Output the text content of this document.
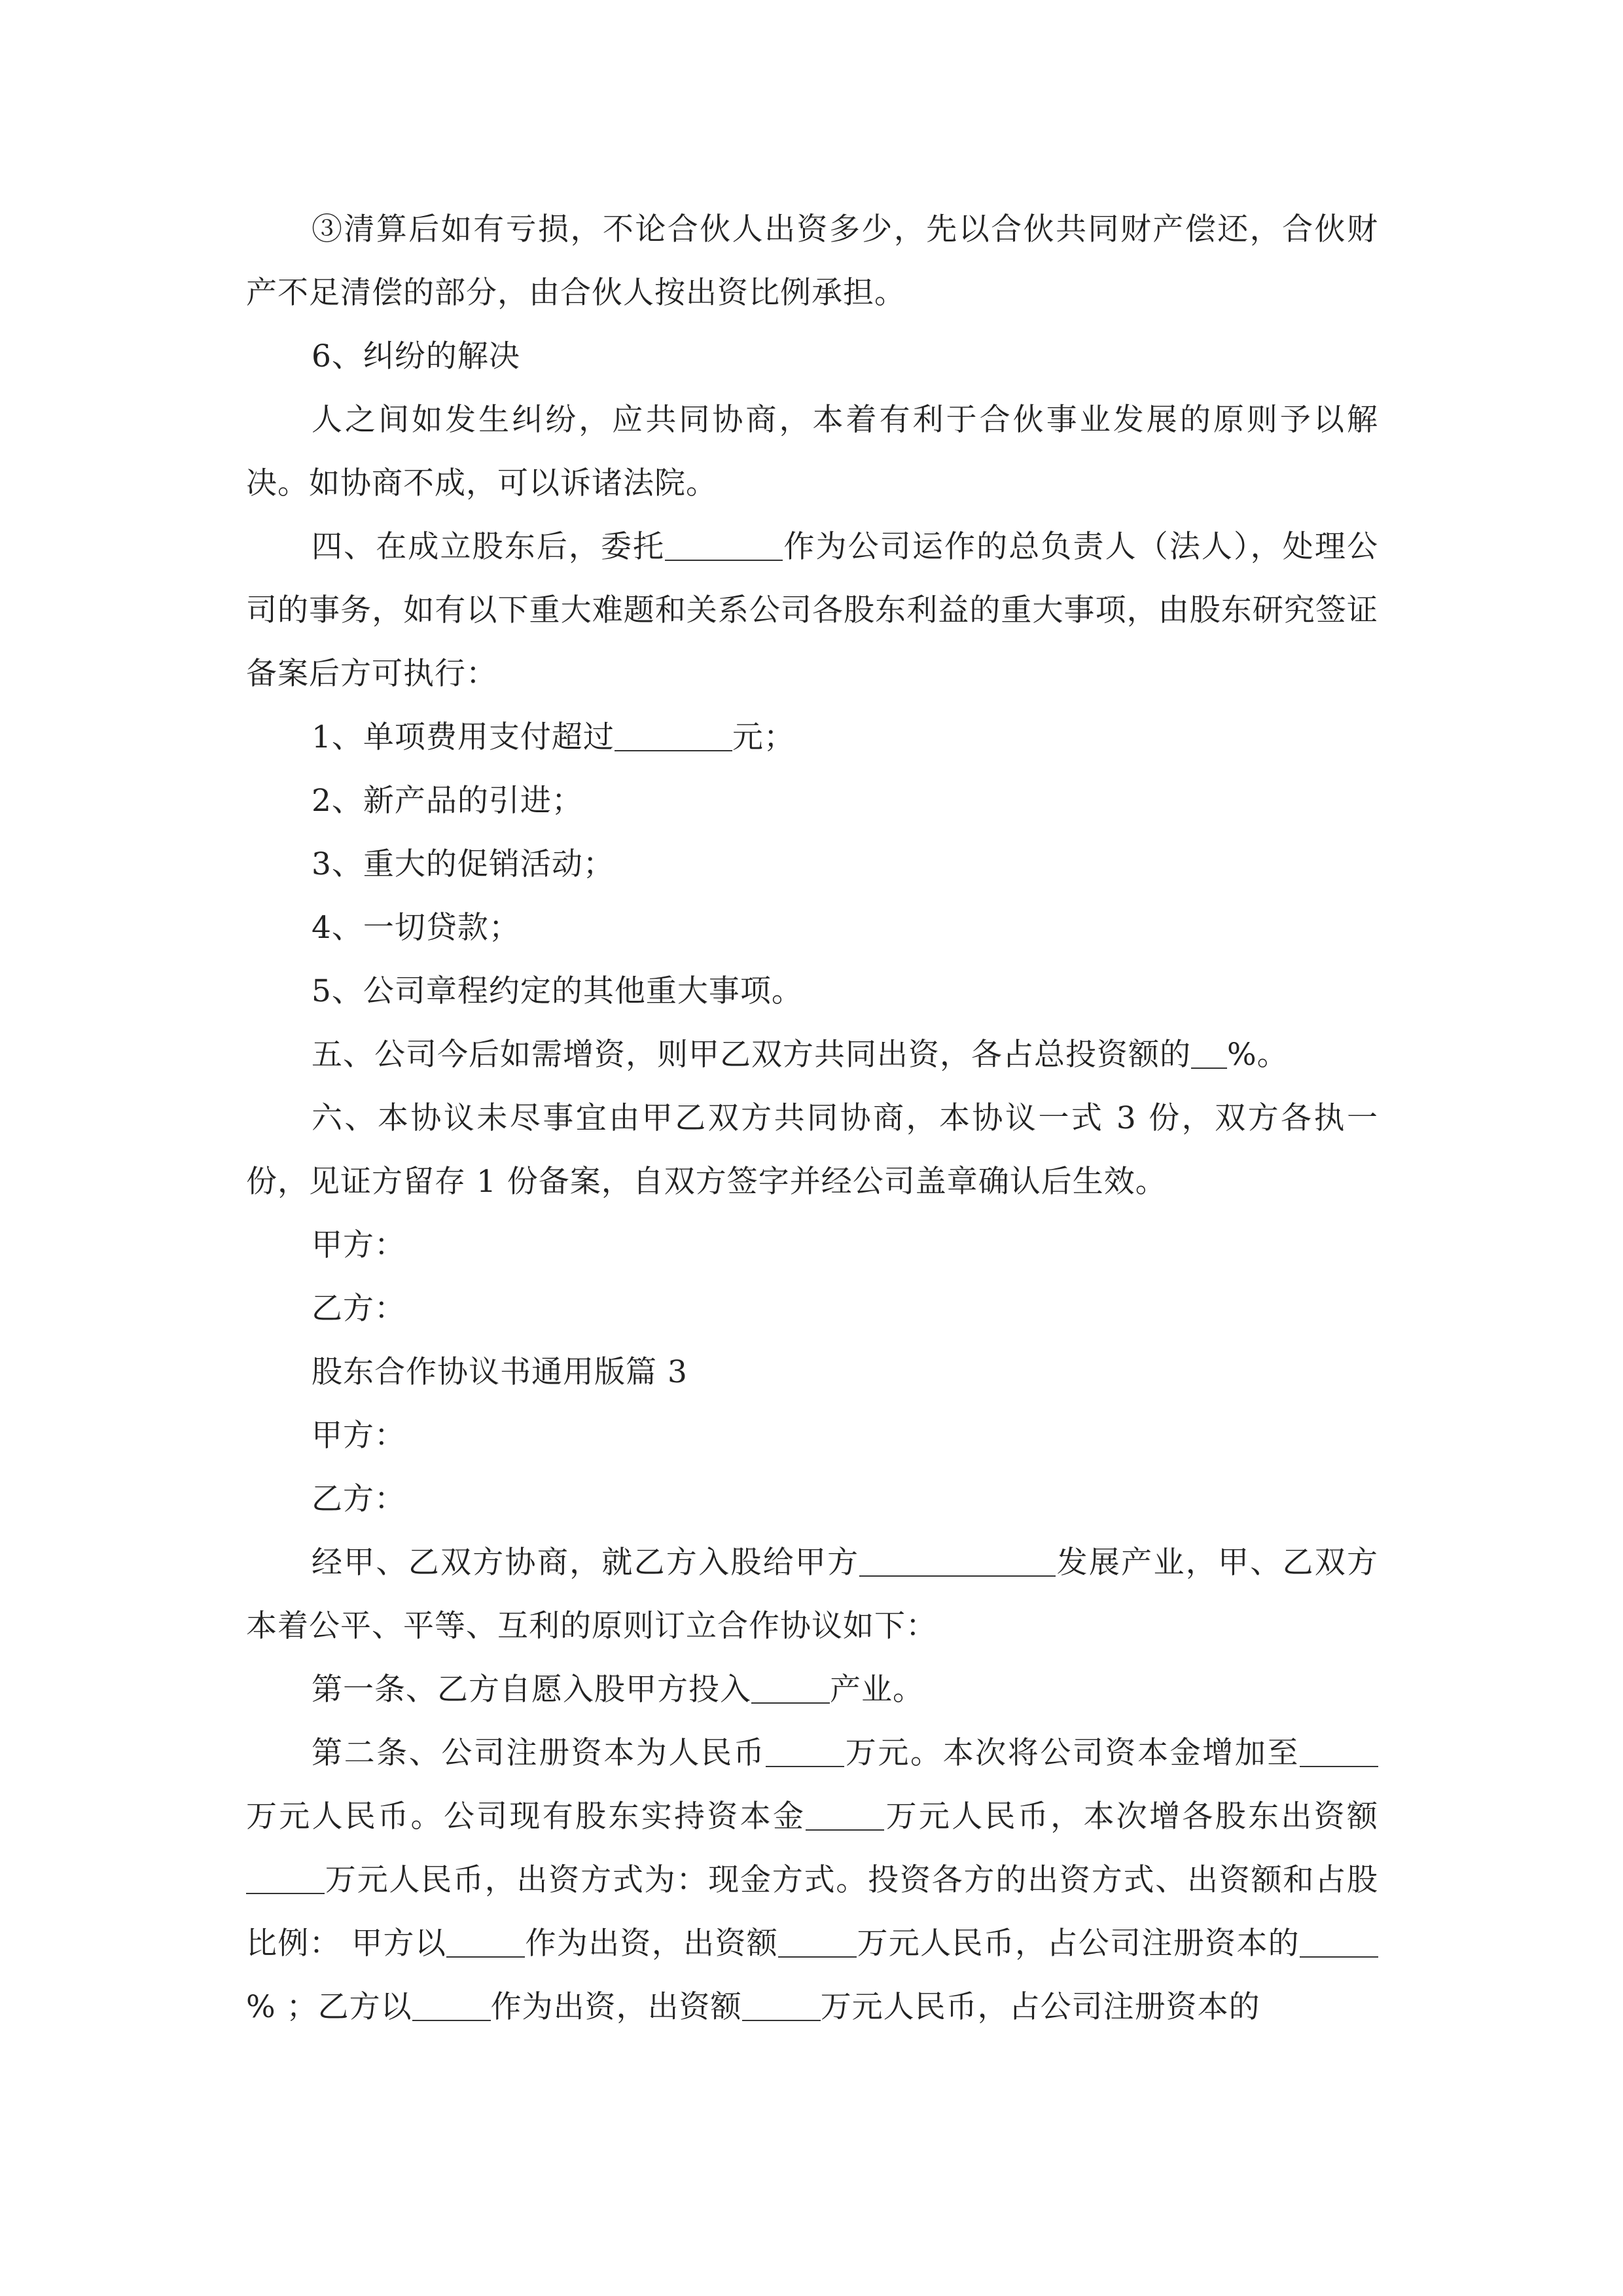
③清算后如有亏损，不论合伙人出资多少，先以合伙共同财产偿还，合伙财产不足清偿的部分，由合伙人按出资比例承担。

6、纠纷的解决

人之间如发生纠纷，应共同协商，本着有利于合伙事业发展的原则予以解决。如协商不成，可以诉诸法院。

四、在成立股东后，委托	作为公司运作的总负责人（法人），处理公司的事务，如有以下重大难题和关系公司各股东利益的重大事项，由股东研究签证备案后方可执行：

1、单项费用支付超过	元；

2、新产品的引进；

3、重大的促销活动；

4、一切贷款；

5、公司章程约定的其他重大事项。

五、公司今后如需增资，则甲乙双方共同出资，各占总投资额的 %。

六、本协议未尽事宜由甲乙双方共同协商，本协议一式 3 份，双方各执一份，见证方留存 1 份备案，自双方签字并经公司盖章确认后生效。

甲方：

乙方：

股东合作协议书通用版篇 3

甲方：

乙方：

经甲、乙双方协商，就乙方入股给甲方	发展产业，甲、乙双方本着公平、平等、互利的原则订立合作协议如下：

第一条、乙方自愿入股甲方投入	产业。

第二条、公司注册资本为人民币	万元。本次将公司资本金增加至万元人民币。公司现有股东实持资本金	万元人民币，本次增各股东出资额万元人民币，出资方式为：现金方式。投资各方的出资方式、出资额和占股比例： 甲方以	作为出资，出资额	万元人民币，占公司注册资本的% ；乙方以	作为出资，出资额	万元人民币，占公司注册资本的
